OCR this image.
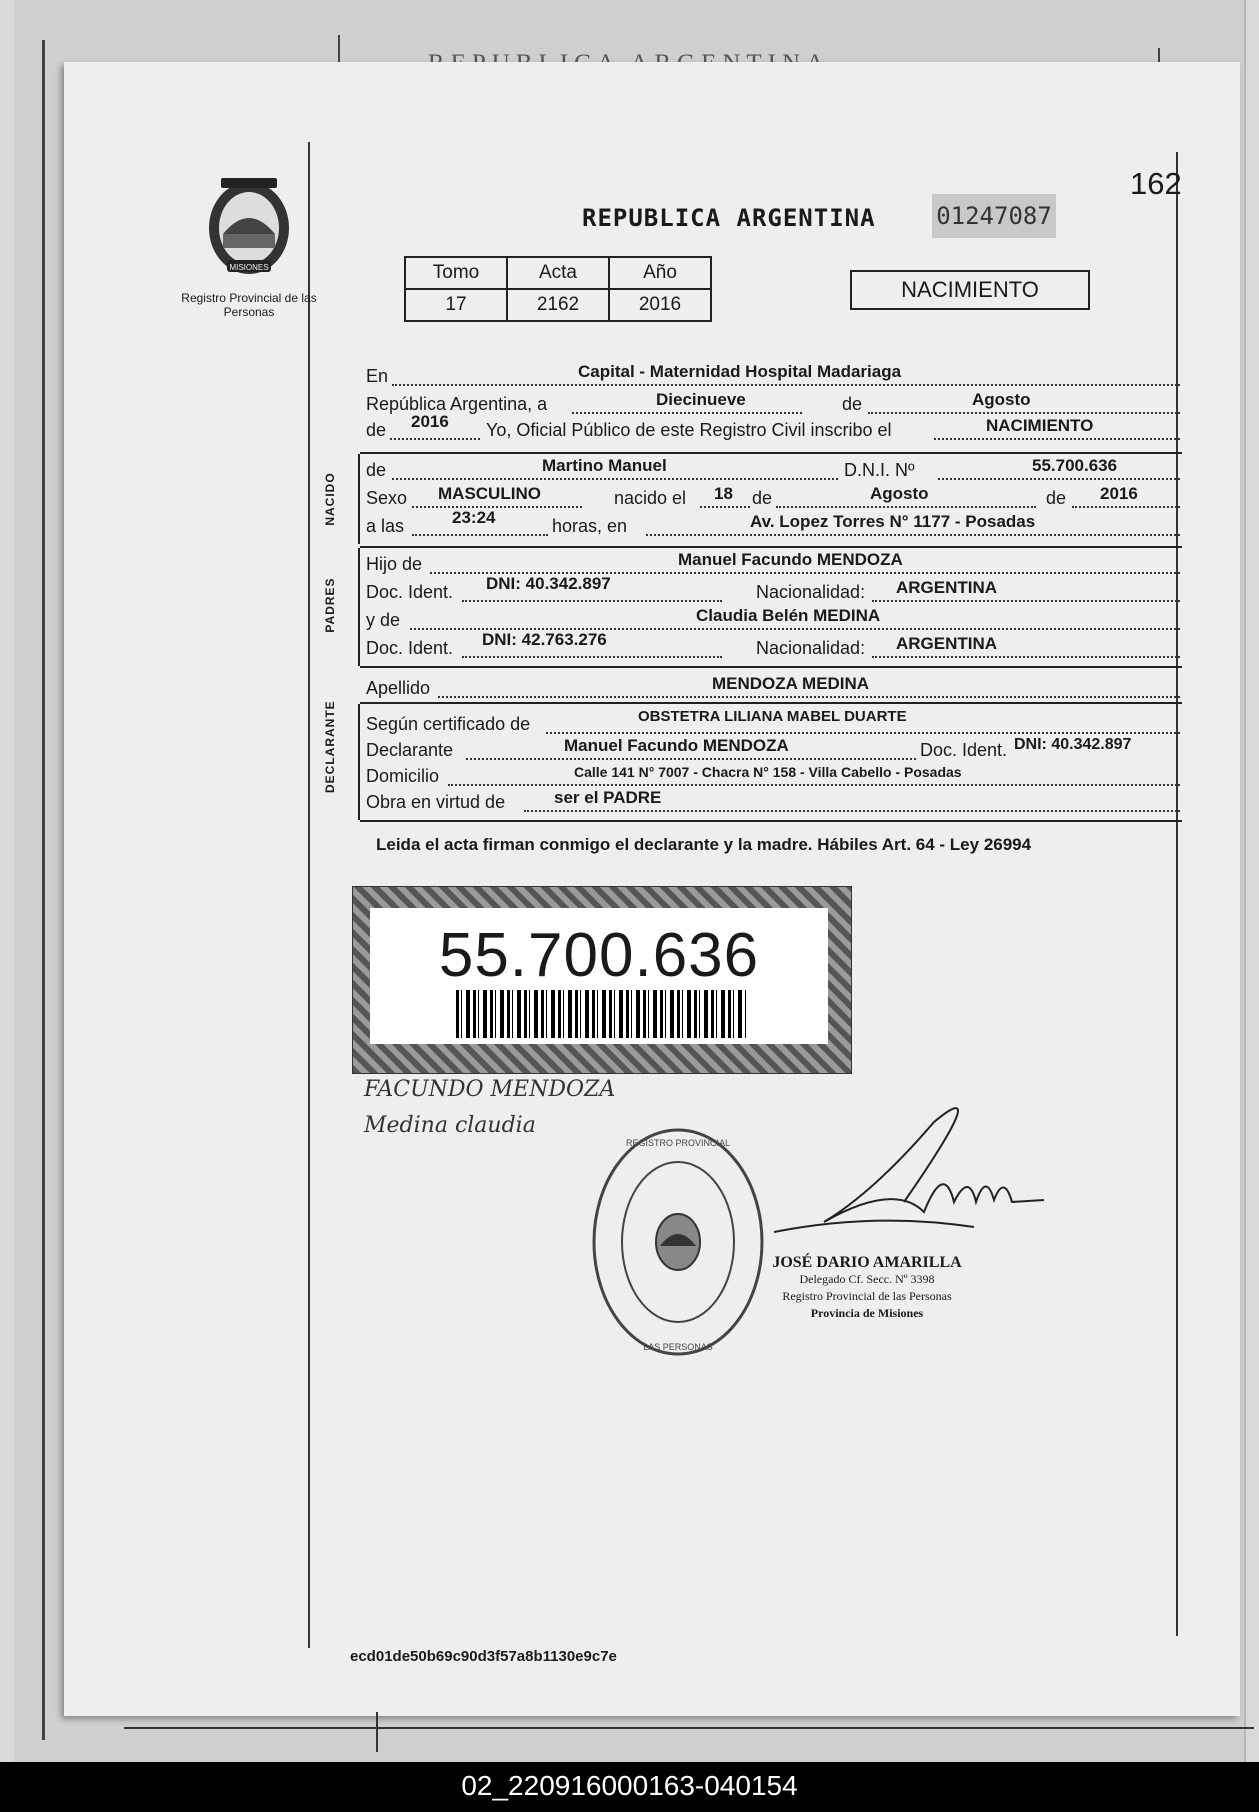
MISIONES
Registro Provincial de las Personas
162
REPUBLICA ARGENTINA	01247087
Tomo	Acta	Año
17	2162	2016
NACIMIENTO
En	Capital - Maternidad Hospital Madariaga
República Argentina, a	Diecinueve	de	Agosto
de 2016 Yo, Oficial Público de este Registro Civil inscribo el	NACIMIENTO
NACIDO
de	Martino Manuel	D.N.I. Nº	55.700.636
Sexo MASCULINO	nacido el 18 de	Agosto	de 2016
a las	23:24	horas, en	Av. Lopez Torres N° 1177 - Posadas
PADRES
Hijo de	Manuel Facundo MENDOZA
Doc. Ident. DNI: 40.342.897	Nacionalidad: ARGENTINA
y de	Claudia Belén MEDINA
Doc. Ident. DNI: 42.763.276	Nacionalidad: ARGENTINA
Apellido	MENDOZA MEDINA
DECLARANTE Según certificado de	OBSTETRA LILIANA MABEL DUARTE
Declarante	Manuel Facundo MENDOZA	Doc. Ident. DNI: 40.342.897
Domicilio	Calle 141 N° 7007 - Chacra N° 158 - Villa Cabello - Posadas
Obra en virtud de	ser el PADRE
Leida el acta firman conmigo el declarante y la madre. Hábiles Art. 64 - Ley 26994
55.700.636
FACUNDO MENDOZA
Medina claudia
REGISTRO PROVINCIAL
LAS PERSONAS
JOSÉ DARIO AMARILLA
Delegado Cf. Secc. Nº 3398
Registro Provincial de las Personas
Provincia de Misiones
ecd01de50b69c90d3f57a8b1130e9c7e
02_220916000163-040154
